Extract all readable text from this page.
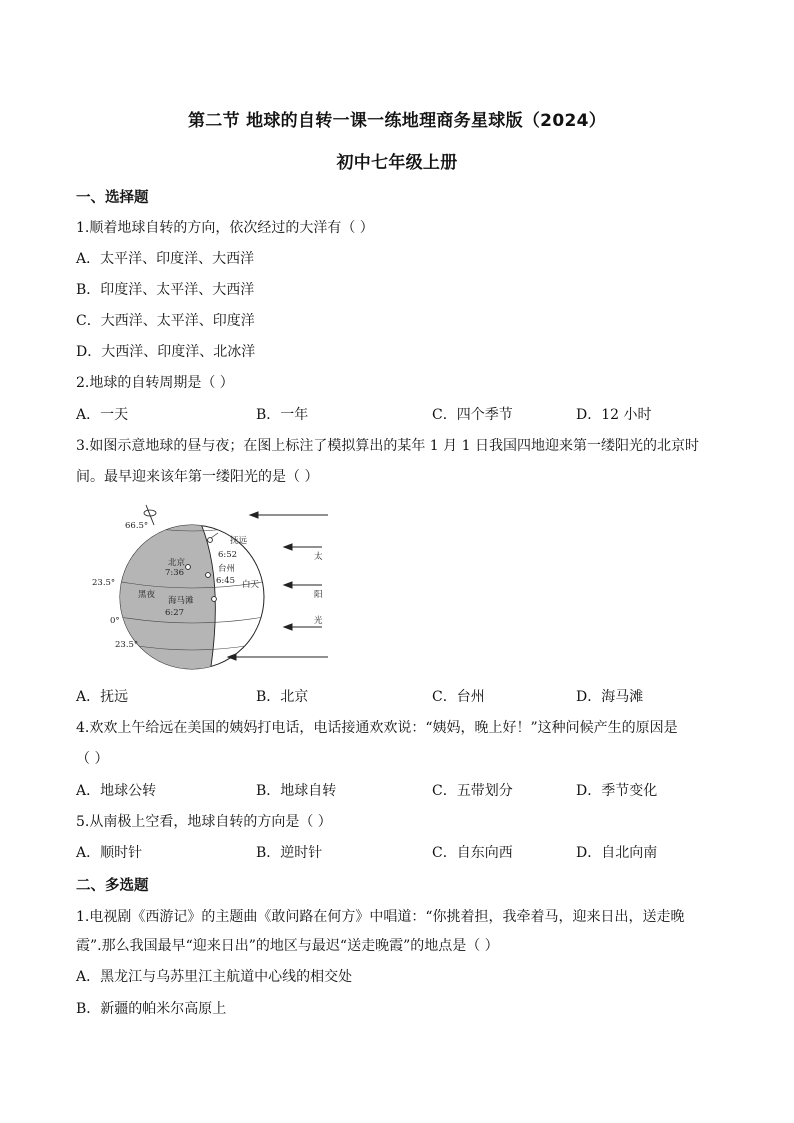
第二节 地球的自转一课一练地理商务星球版（2024）
初中七年级上册
一、选择题
1.顺着地球自转的方向，依次经过的大洋有（ ）
A．太平洋、印度洋、大西洋
B．印度洋、太平洋、大西洋
C．大西洋、太平洋、印度洋
D．大西洋、印度洋、北冰洋
2.地球的自转周期是（ ）
A．一天	B．一年	C．四个季节	D．12 小时
3.如图示意地球的昼与夜；在图上标注了模拟算出的某年 1 月 1 日我国四地迎来第一缕阳光的北京时
间。最早迎来该年第一缕阳光的是（ ）
66.5°
23.5°
0°
23.5°
抚远
6:52
北京
7:36	台州
6:45
黑夜
白天
海马滩
6:27
太
阳
光
A．抚远	B．北京	C．台州	D．海马滩
4.欢欢上午给远在美国的姨妈打电话，电话接通欢欢说：“姨妈，晚上好！”这种问候产生的原因是
（ ）
A．地球公转	B．地球自转	C．五带划分	D．季节变化
5.从南极上空看，地球自转的方向是（ ）
A．顺时针	B．逆时针	C．自东向西	D．自北向南
二、多选题
1.电视剧《西游记》的主题曲《敢问路在何方》中唱道：“你挑着担，我牵着马，迎来日出，送走晚
霞”.那么我国最早“迎来日出”的地区与最迟“送走晚霞”的地点是（ ）
A．黑龙江与乌苏里江主航道中心线的相交处
B．新疆的帕米尔高原上
